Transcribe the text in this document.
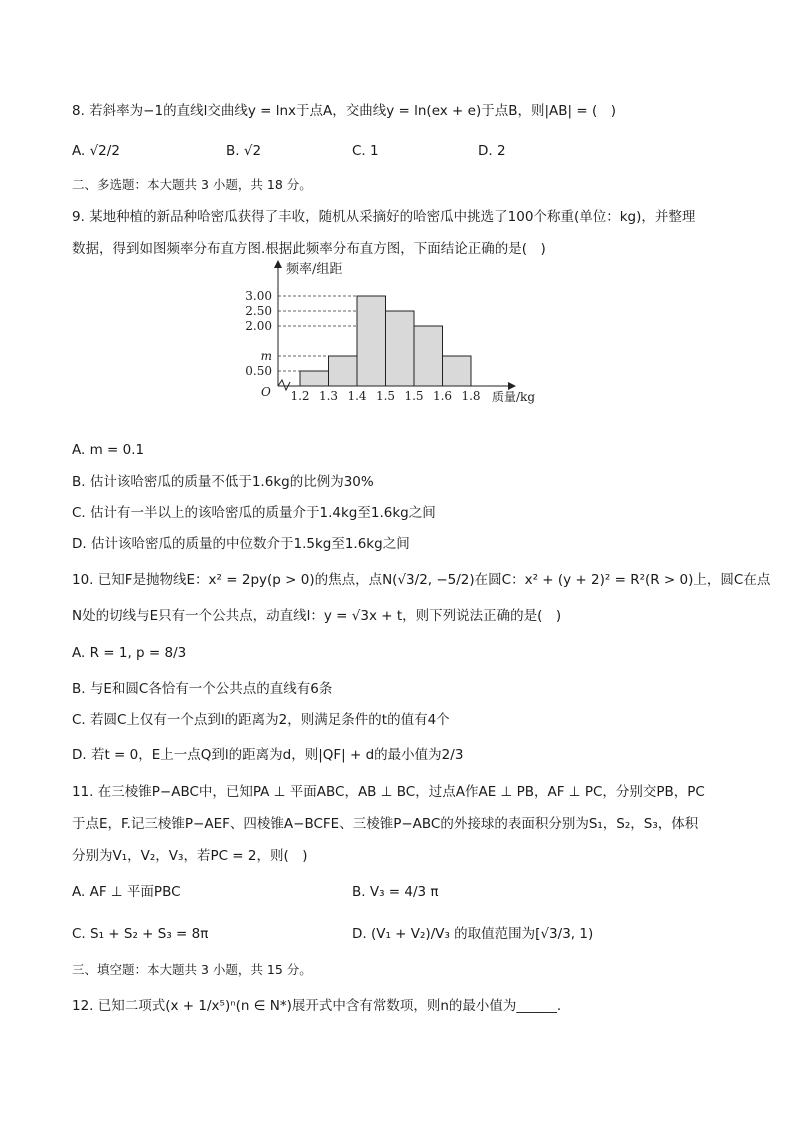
8. 若斜率为−1的直线l交曲线y = lnx于点A，交曲线y = ln(ex + e)于点B，则|AB| = (　)
A. √2/2	B. √2	C. 1	D. 2
二、多选题：本大题共 3 小题，共 18 分。
9. 某地种植的新品种哈密瓜获得了丰收，随机从采摘好的哈密瓜中挑选了100个称重(单位：kg)，并整理
数据，得到如图频率分布直方图.根据此频率分布直方图，下面结论正确的是(　)
频率/组距
质量/kg
O
3.00
2.50
2.00
m
0.50
1.2 1.3 1.4 1.5 1.5 1.6 1.8
A. m = 0.1
B. 估计该哈密瓜的质量不低于1.6kg的比例为30%
C. 估计有一半以上的该哈密瓜的质量介于1.4kg至1.6kg之间
D. 估计该哈密瓜的质量的中位数介于1.5kg至1.6kg之间
10. 已知F是抛物线E：x² = 2py(p > 0)的焦点，点N(√3/2, −5/2)在圆C：x² + (y + 2)² = R²(R > 0)上，圆C在点
N处的切线与E只有一个公共点，动直线l：y = √3x + t，则下列说法正确的是(　)
A. R = 1, p = 8/3
B. 与E和圆C各恰有一个公共点的直线有6条
C. 若圆C上仅有一个点到l的距离为2，则满足条件的t的值有4个
D. 若t = 0，E上一点Q到l的距离为d，则|QF| + d的最小值为2/3
11. 在三棱锥P−ABC中，已知PA ⊥ 平面ABC，AB ⊥ BC，过点A作AE ⊥ PB，AF ⊥ PC，分别交PB，PC
于点E，F.记三棱锥P−AEF、四棱锥A−BCFE、三棱锥P−ABC的外接球的表面积分别为S₁，S₂，S₃，体积
分别为V₁，V₂，V₃，若PC = 2，则(　)
A. AF ⊥ 平面PBC	B. V₃ = 4/3 π
C. S₁ + S₂ + S₃ = 8π	D. (V₁ + V₂)/V₃ 的取值范围为[√3/3, 1)
三、填空题：本大题共 3 小题，共 15 分。
12. 已知二项式(x + 1/x⁵)ⁿ(n ∈ N*)展开式中含有常数项，则n的最小值为______.
